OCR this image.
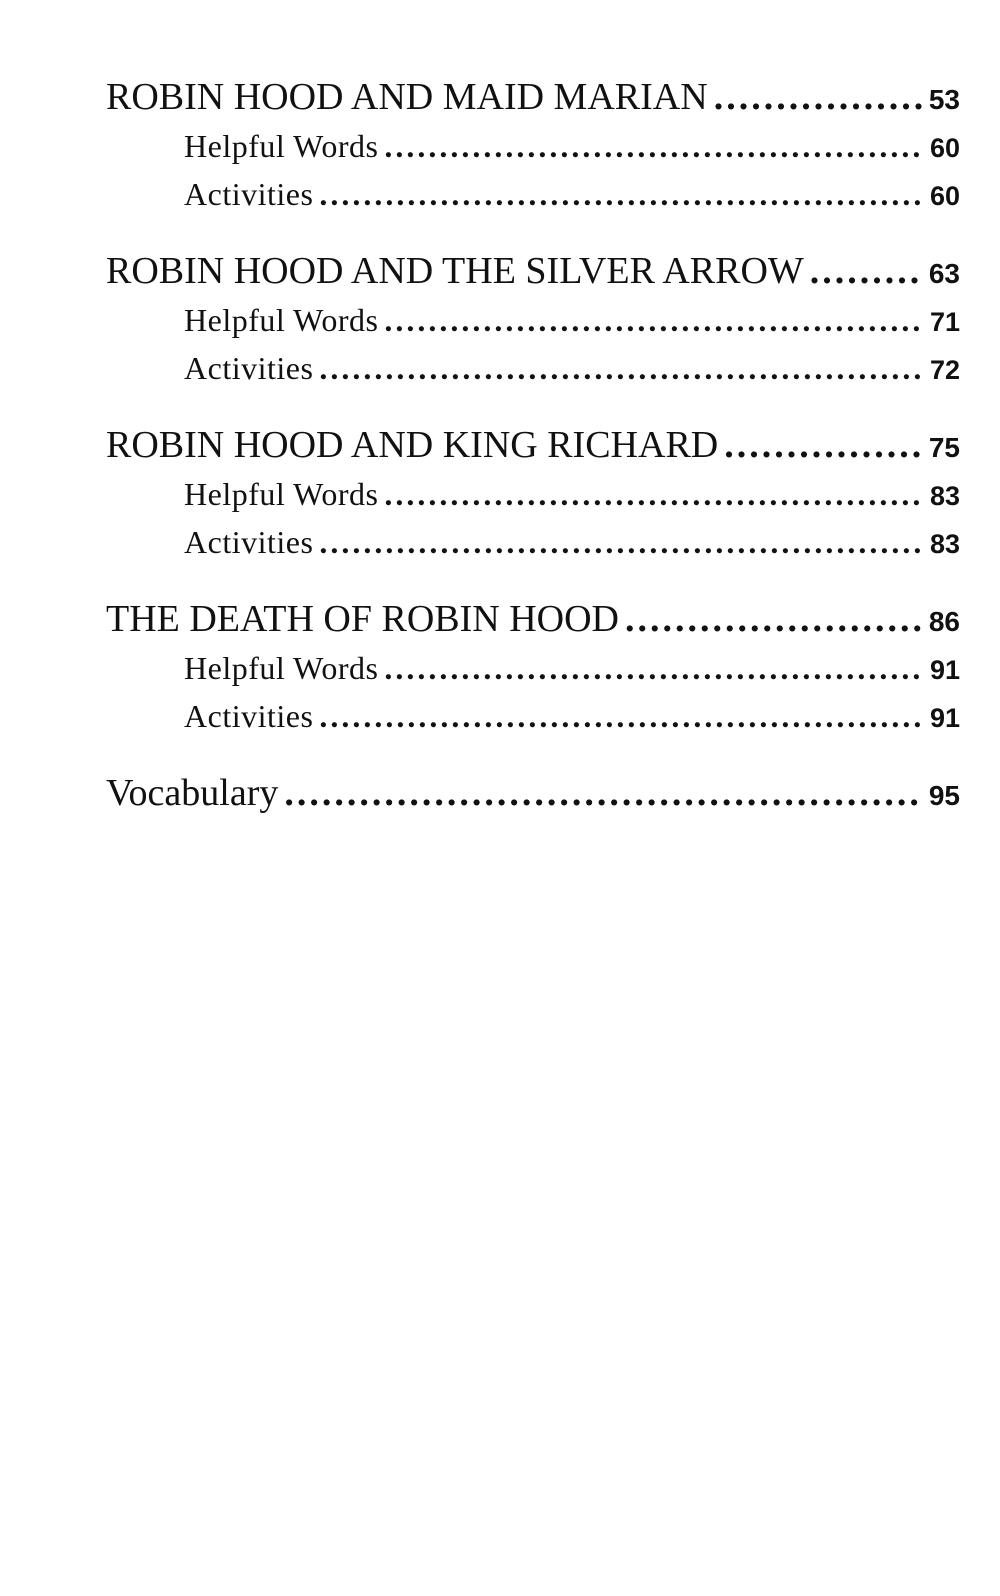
ROBIN HOOD AND MAID MARIAN .....	53
Helpful Words .....	60
Activities .....	60
ROBIN HOOD AND THE SILVER ARROW .....	63
Helpful Words .....	71
Activities .....	72
ROBIN HOOD AND KING RICHARD .....	75
Helpful Words .....	83
Activities .....	83
THE DEATH OF ROBIN HOOD .....	86
Helpful Words .....	91
Activities .....	91
Vocabulary .....	95
